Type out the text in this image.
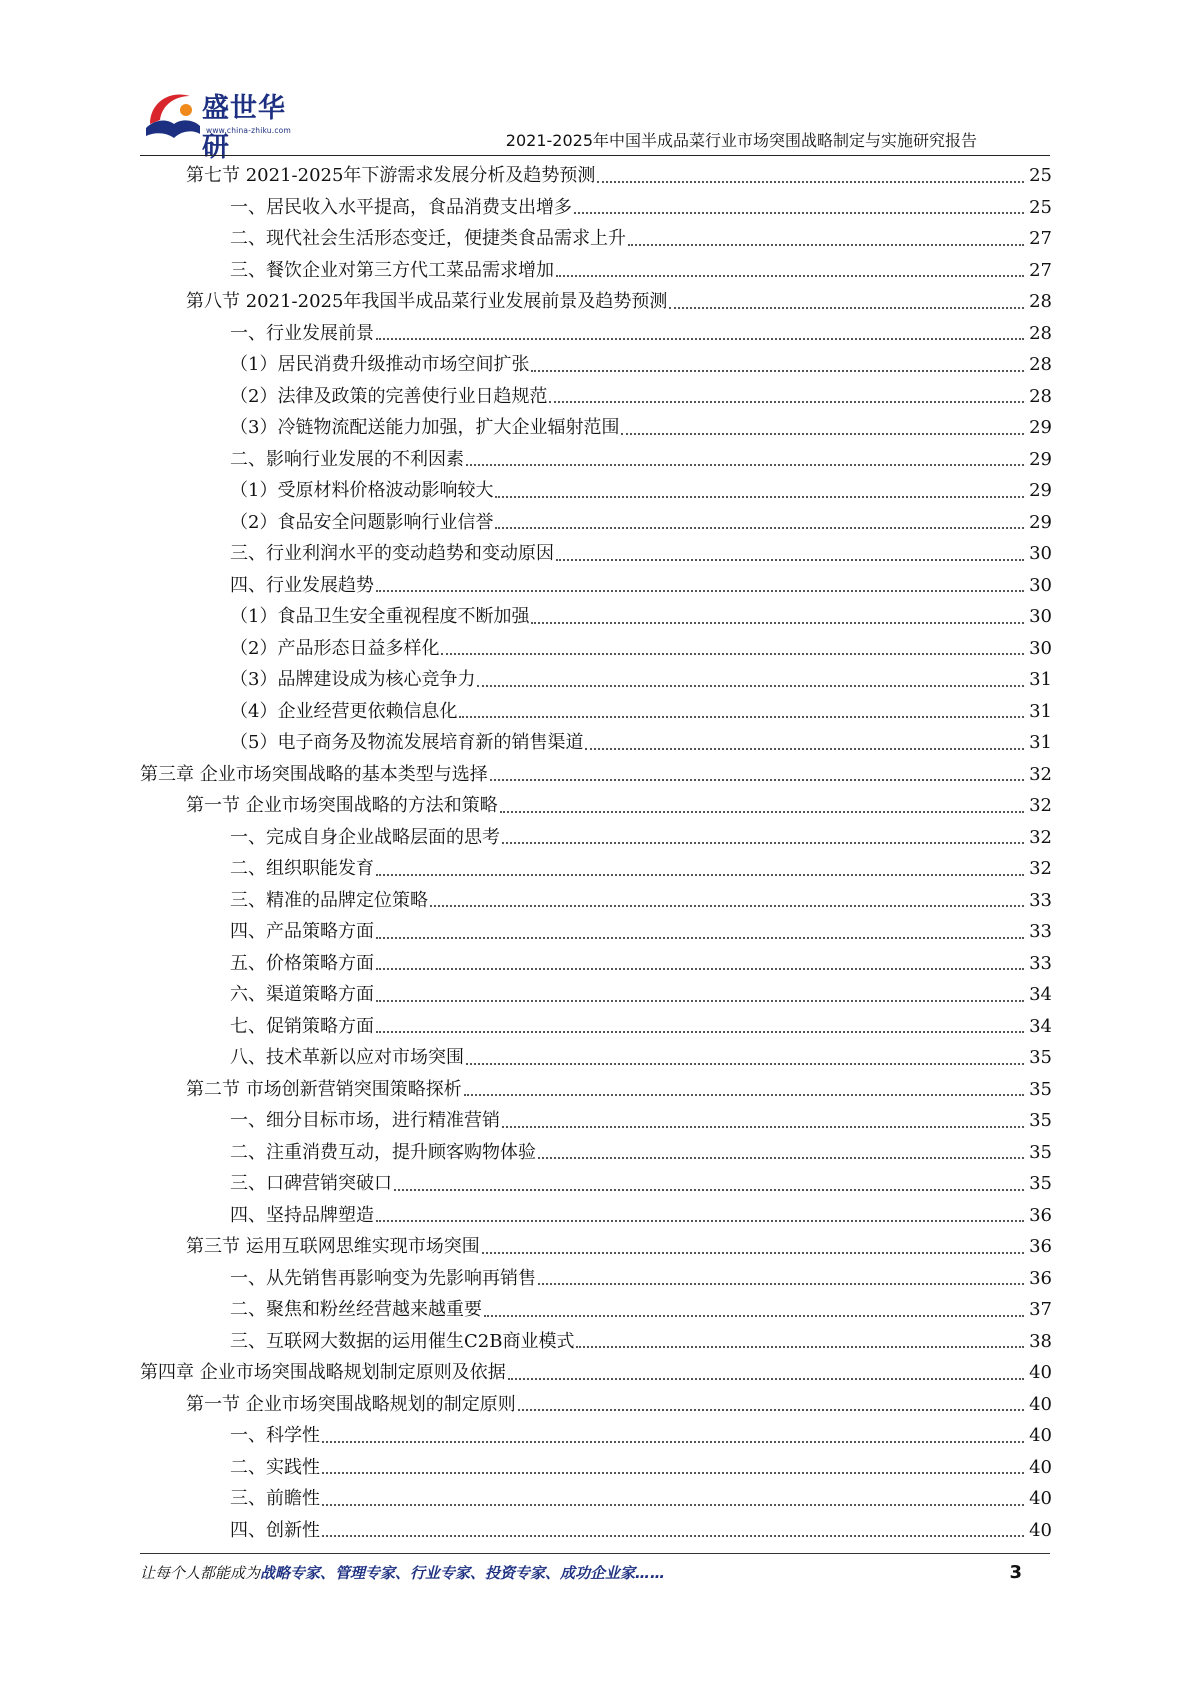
盛世华研
www.china-zhiku.com
2021-2025年中国半成品菜行业市场突围战略制定与实施研究报告
第七节 2021-2025年下游需求发展分析及趋势预测	25
一、居民收入水平提高，食品消费支出增多	25
二、现代社会生活形态变迁，便捷类食品需求上升	27
三、餐饮企业对第三方代工菜品需求增加	27
第八节 2021-2025年我国半成品菜行业发展前景及趋势预测	28
一、行业发展前景	28
（1）居民消费升级推动市场空间扩张	28
（2）法律及政策的完善使行业日趋规范	28
（3）冷链物流配送能力加强，扩大企业辐射范围	29
二、影响行业发展的不利因素	29
（1）受原材料价格波动影响较大	29
（2）食品安全问题影响行业信誉	29
三、行业利润水平的变动趋势和变动原因	30
四、行业发展趋势	30
（1）食品卫生安全重视程度不断加强	30
（2）产品形态日益多样化	30
（3）品牌建设成为核心竞争力	31
（4）企业经营更依赖信息化	31
（5）电子商务及物流发展培育新的销售渠道	31
第三章 企业市场突围战略的基本类型与选择	32
第一节 企业市场突围战略的方法和策略	32
一、完成自身企业战略层面的思考	32
二、组织职能发育	32
三、精准的品牌定位策略	33
四、产品策略方面	33
五、价格策略方面	33
六、渠道策略方面	34
七、促销策略方面	34
八、技术革新以应对市场突围	35
第二节 市场创新营销突围策略探析	35
一、细分目标市场，进行精准营销	35
二、注重消费互动，提升顾客购物体验	35
三、口碑营销突破口	35
四、坚持品牌塑造	36
第三节 运用互联网思维实现市场突围	36
一、从先销售再影响变为先影响再销售	36
二、聚焦和粉丝经营越来越重要	37
三、互联网大数据的运用催生C2B商业模式	38
第四章 企业市场突围战略规划制定原则及依据	40
第一节 企业市场突围战略规划的制定原则	40
一、科学性	40
二、实践性	40
三、前瞻性	40
四、创新性	40
让每个人都能成为战略专家、管理专家、行业专家、投资专家、成功企业家……	3
